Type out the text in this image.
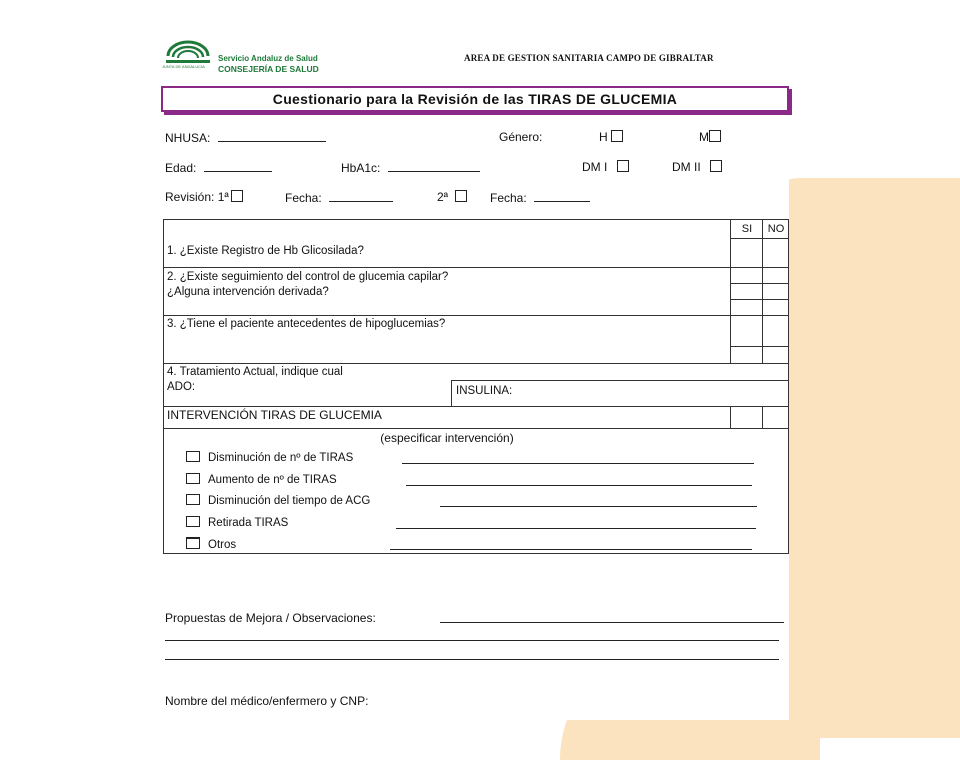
JUNTA DE ANDALUCIA
Servicio Andaluz de Salud
CONSEJERÍA DE SALUD
AREA DE GESTION SANITARIA CAMPO DE GIBRALTAR
Cuestionario para la Revisión de las TIRAS DE GLUCEMIA
NHUSA:	Género:	H	M
Edad:	HbA1c:	DM I	DM II
Revisión: 1ª	Fecha:	2ª	Fecha:
SI	NO
1. ¿Existe Registro de Hb Glicosilada?
2. ¿Existe seguimiento del control de glucemia capilar?
¿Alguna intervención derivada?
3. ¿Tiene el paciente antecedentes de hipoglucemias?
4. Tratamiento Actual, indique cual
ADO:	INSULINA:
INTERVENCIÓN TIRAS DE GLUCEMIA
(especificar intervención)
Disminución de nº de TIRAS
Aumento de nº de TIRAS
Disminución del tiempo de ACG
Retirada TIRAS
Otros
Propuestas de Mejora / Observaciones:
Nombre del médico/enfermero y CNP:
